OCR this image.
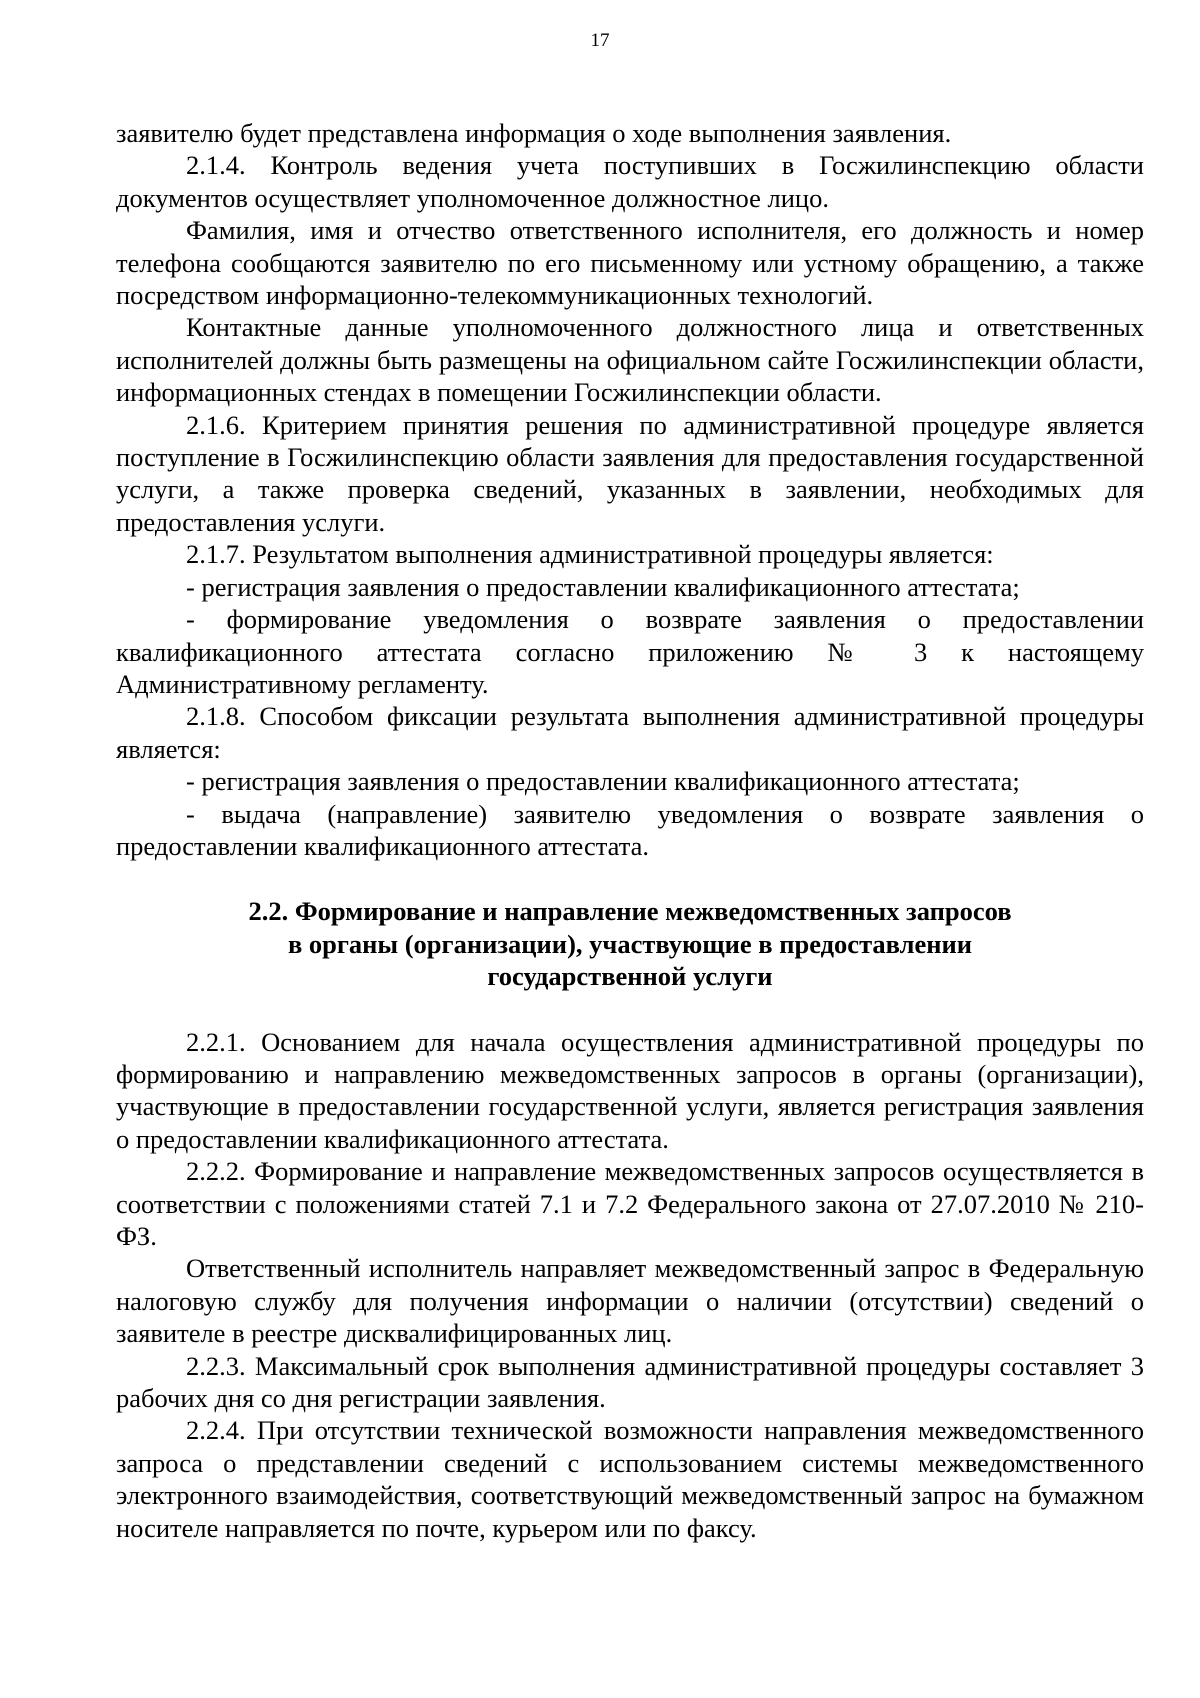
17

заявителю будет представлена информация о ходе выполнения заявления.

2.1.4. Контроль ведения учета поступивших в Госжилинспекцию области документов осуществляет уполномоченное должностное лицо.

Фамилия, имя и отчество ответственного исполнителя, его должность и номер телефона сообщаются заявителю по его письменному или устному обращению, а также посредством информационно-телекоммуникационных технологий.

Контактные данные уполномоченного должностного лица и ответственных исполнителей должны быть размещены на официальном сайте Госжилинспекции области, информационных стендах в помещении Госжилинспекции области.

2.1.6. Критерием принятия решения по административной процедуре является поступление в Госжилинспекцию области заявления для предоставления государственной услуги, а также проверка сведений, указанных в заявлении, необходимых для предоставления услуги.

2.1.7. Результатом выполнения административной процедуры является:

- регистрация заявления о предоставлении квалификационного аттестата;

- формирование уведомления о возврате заявления о предоставлении квалификационного аттестата согласно приложению № 3 к настоящему Административному регламенту.

2.1.8. Способом фиксации результата выполнения административной процедуры является:

- регистрация заявления о предоставлении квалификационного аттестата;

- выдача (направление) заявителю уведомления о возврате заявления о предоставлении квалификационного аттестата.

2.2. Формирование и направление межведомственных запросов

в органы (организации), участвующие в предоставлении

государственной услуги

2.2.1. Основанием для начала осуществления административной процедуры по формированию и направлению межведомственных запросов в органы (организации), участвующие в предоставлении государственной услуги, является регистрация заявления о предоставлении квалификационного аттестата.

2.2.2. Формирование и направление межведомственных запросов осуществляется в соответствии с положениями статей 7.1 и 7.2 Федерального закона от 27.07.2010 № 210-ФЗ.

Ответственный исполнитель направляет межведомственный запрос в Федеральную налоговую службу для получения информации о наличии (отсутствии) сведений о заявителе в реестре дисквалифицированных лиц.

2.2.3. Максимальный срок выполнения административной процедуры составляет 3 рабочих дня со дня регистрации заявления.

2.2.4. При отсутствии технической возможности направления межведомственного запроса о представлении сведений с использованием системы межведомственного электронного взаимодействия, соответствующий межведомственный запрос на бумажном носителе направляется по почте, курьером или по факсу.
